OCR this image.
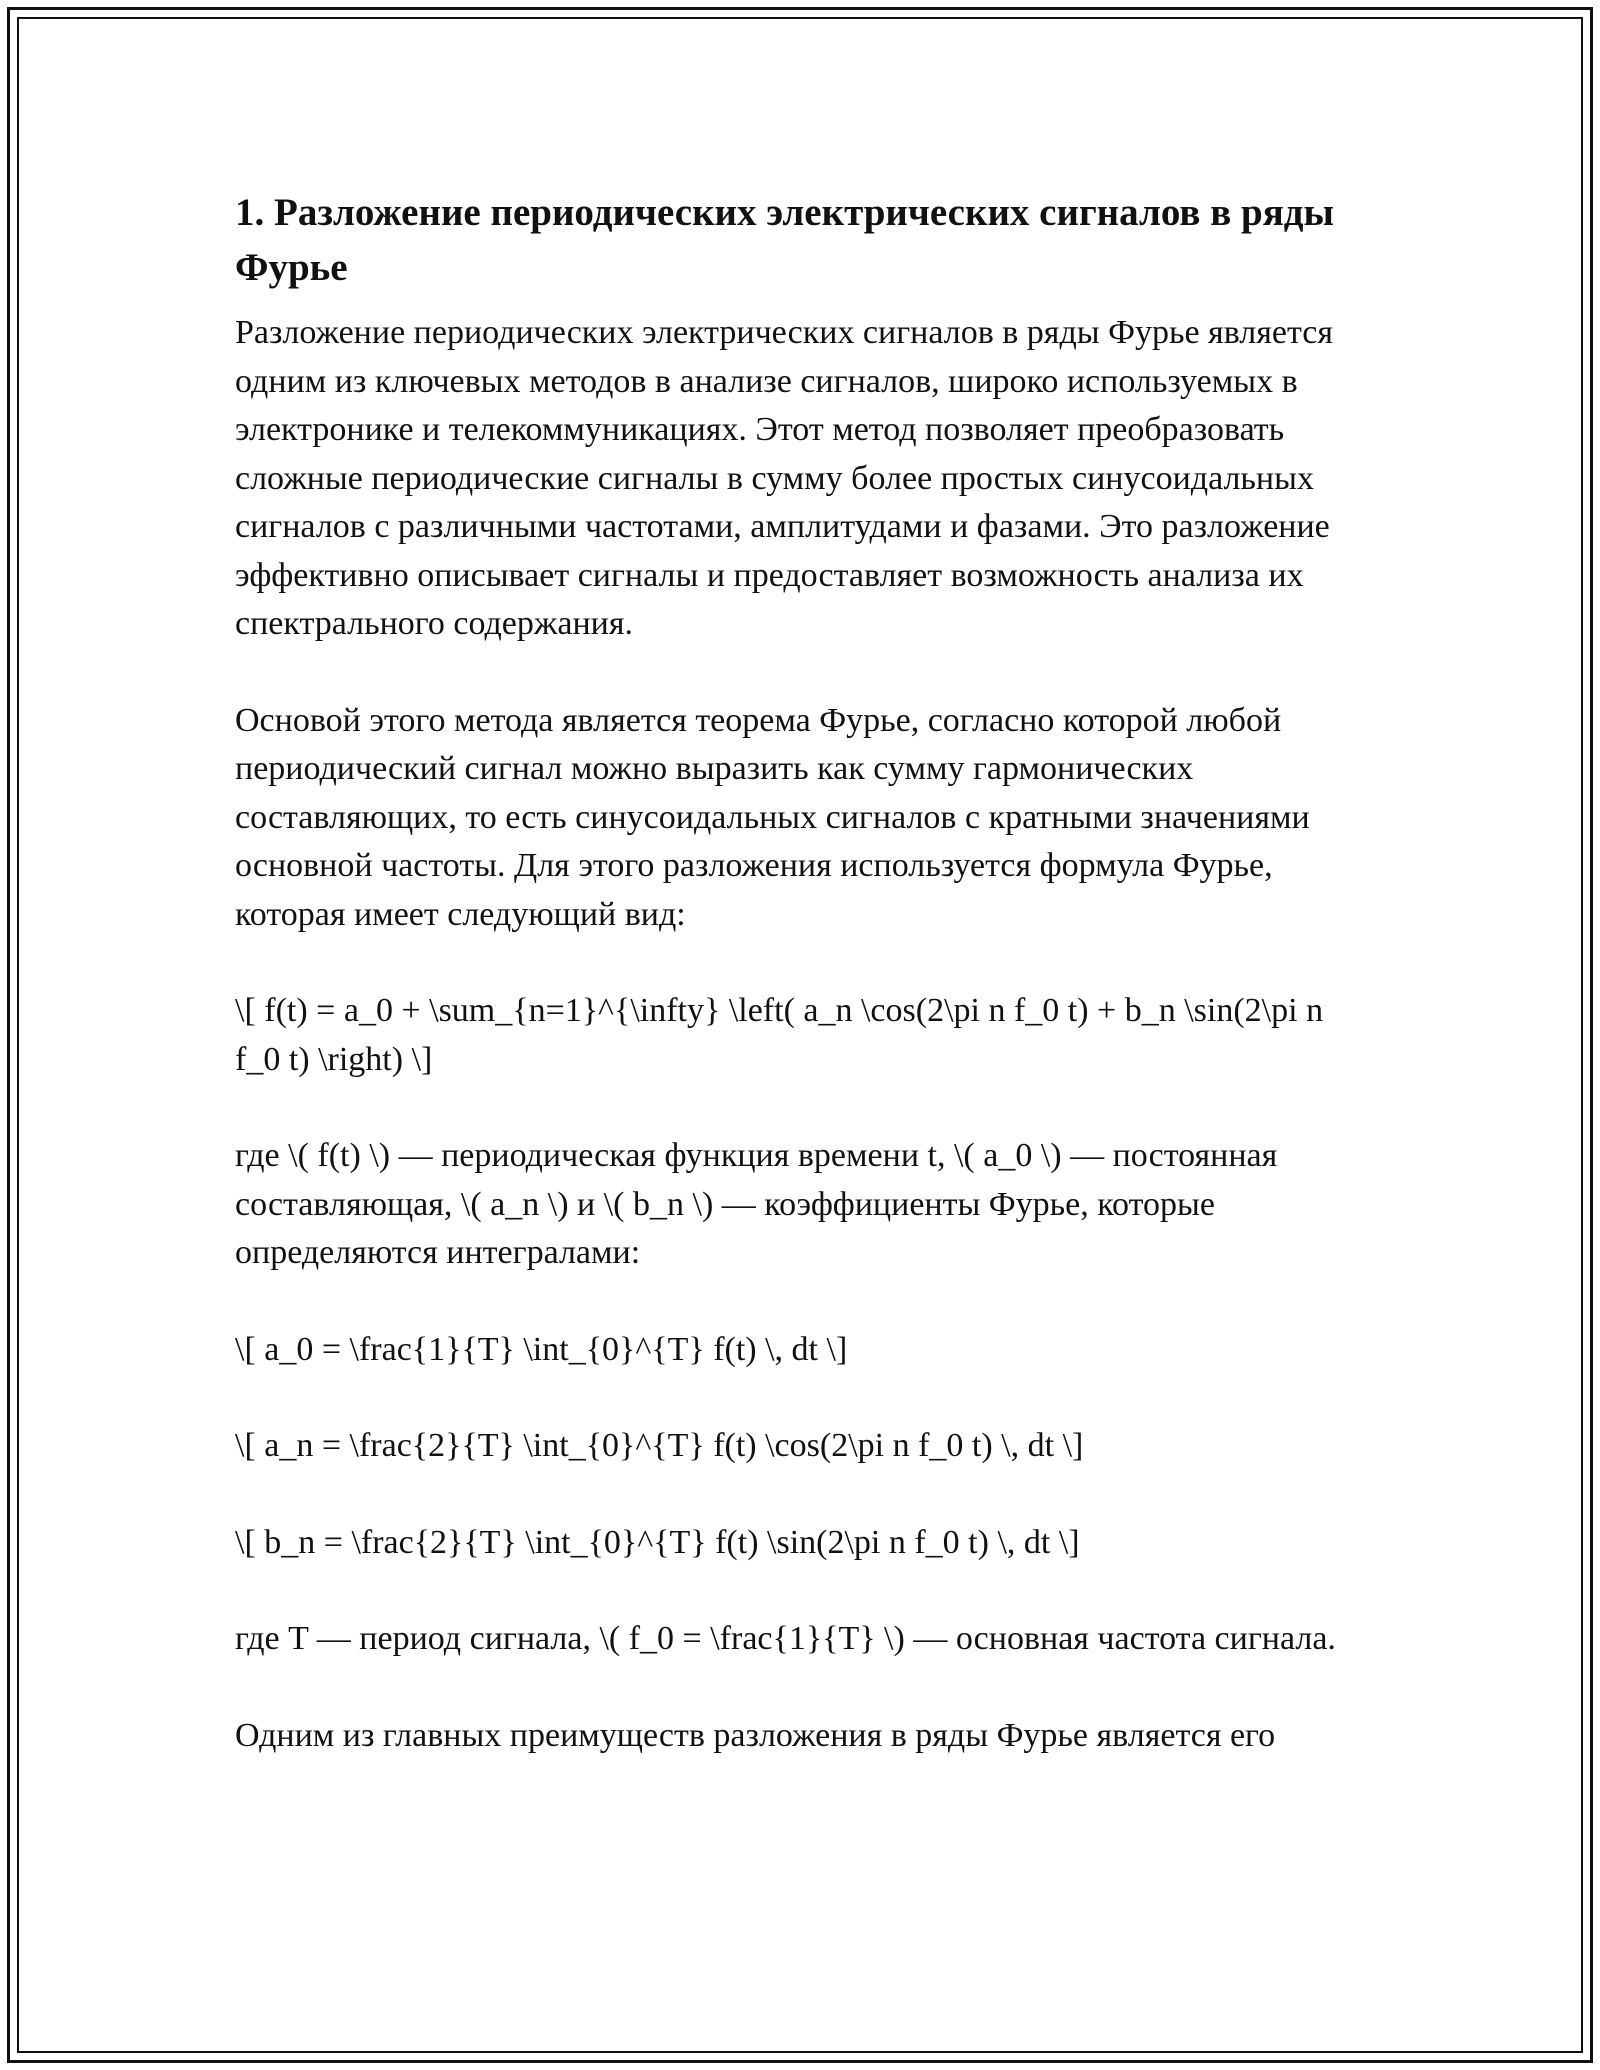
1. Разложение периодических электрических сигналов в ряды Фурье

Разложение периодических электрических сигналов в ряды Фурье является одним из ключевых методов в анализе сигналов, широко используемых в электронике и телекоммуникациях. Этот метод позволяет преобразовать сложные периодические сигналы в сумму более простых синусоидальных сигналов с различными частотами, амплитудами и фазами. Это разложение эффективно описывает сигналы и предоставляет возможность анализа их спектрального содержания.

Основой этого метода является теорема Фурье, согласно которой любой периодический сигнал можно выразить как сумму гармонических составляющих, то есть синусоидальных сигналов с кратными значениями основной частоты. Для этого разложения используется формула Фурье, которая имеет следующий вид:

\[ f(t) = a_0 + \sum_{n=1}^{\infty} \left( a_n \cos(2\pi n f_0 t) + b_n \sin(2\pi n f_0 t) \right) \]

где \( f(t) \) — периодическая функция времени t, \( a_0 \) — постоянная составляющая, \( a_n \) и \( b_n \) — коэффициенты Фурье, которые определяются интегралами:

\[ a_0 = \frac{1}{T} \int_{0}^{T} f(t) \, dt \]

\[ a_n = \frac{2}{T} \int_{0}^{T} f(t) \cos(2\pi n f_0 t) \, dt \]

\[ b_n = \frac{2}{T} \int_{0}^{T} f(t) \sin(2\pi n f_0 t) \, dt \]

где T — период сигнала, \( f_0 = \frac{1}{T} \) — основная частота сигнала.

Одним из главных преимуществ разложения в ряды Фурье является его
